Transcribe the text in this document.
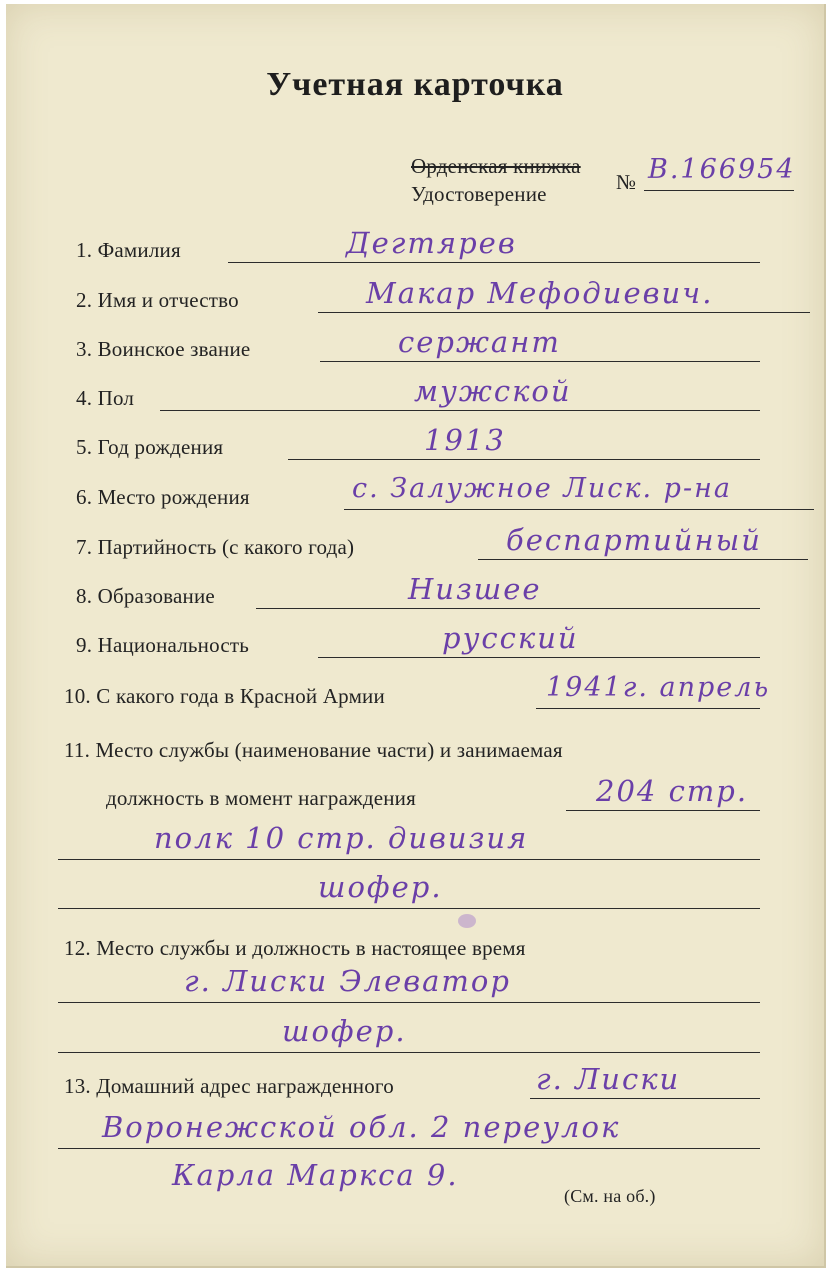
Учетная карточка
Орденская книжка
Удостоверение	№ В.166954
1. Фамилия	Дегтярев
2. Имя и отчество	Макар Мефодиевич.
3. Воинское звание	сержант
4. Пол	мужской
5. Год рождения	1913
6. Место рождения	с. Залужное Лиск. р-на
7. Партийность (с какого года)	беспартийный
8. Образование	Низшее
9. Национальность	русский
10. С какого года в Красной Армии	1941г. апрель
11. Место службы (наименование части) и занимаемая
должность в момент награждения	204 стр.
полк 10 стр. дивизия
шофер.
12. Место службы и должность в настоящее время
г. Лиски Элеватор
шофер.
13. Домашний адрес награжденного	г. Лиски
Воронежской обл. 2 переулок
Карла Маркса 9.
(См. на об.)
